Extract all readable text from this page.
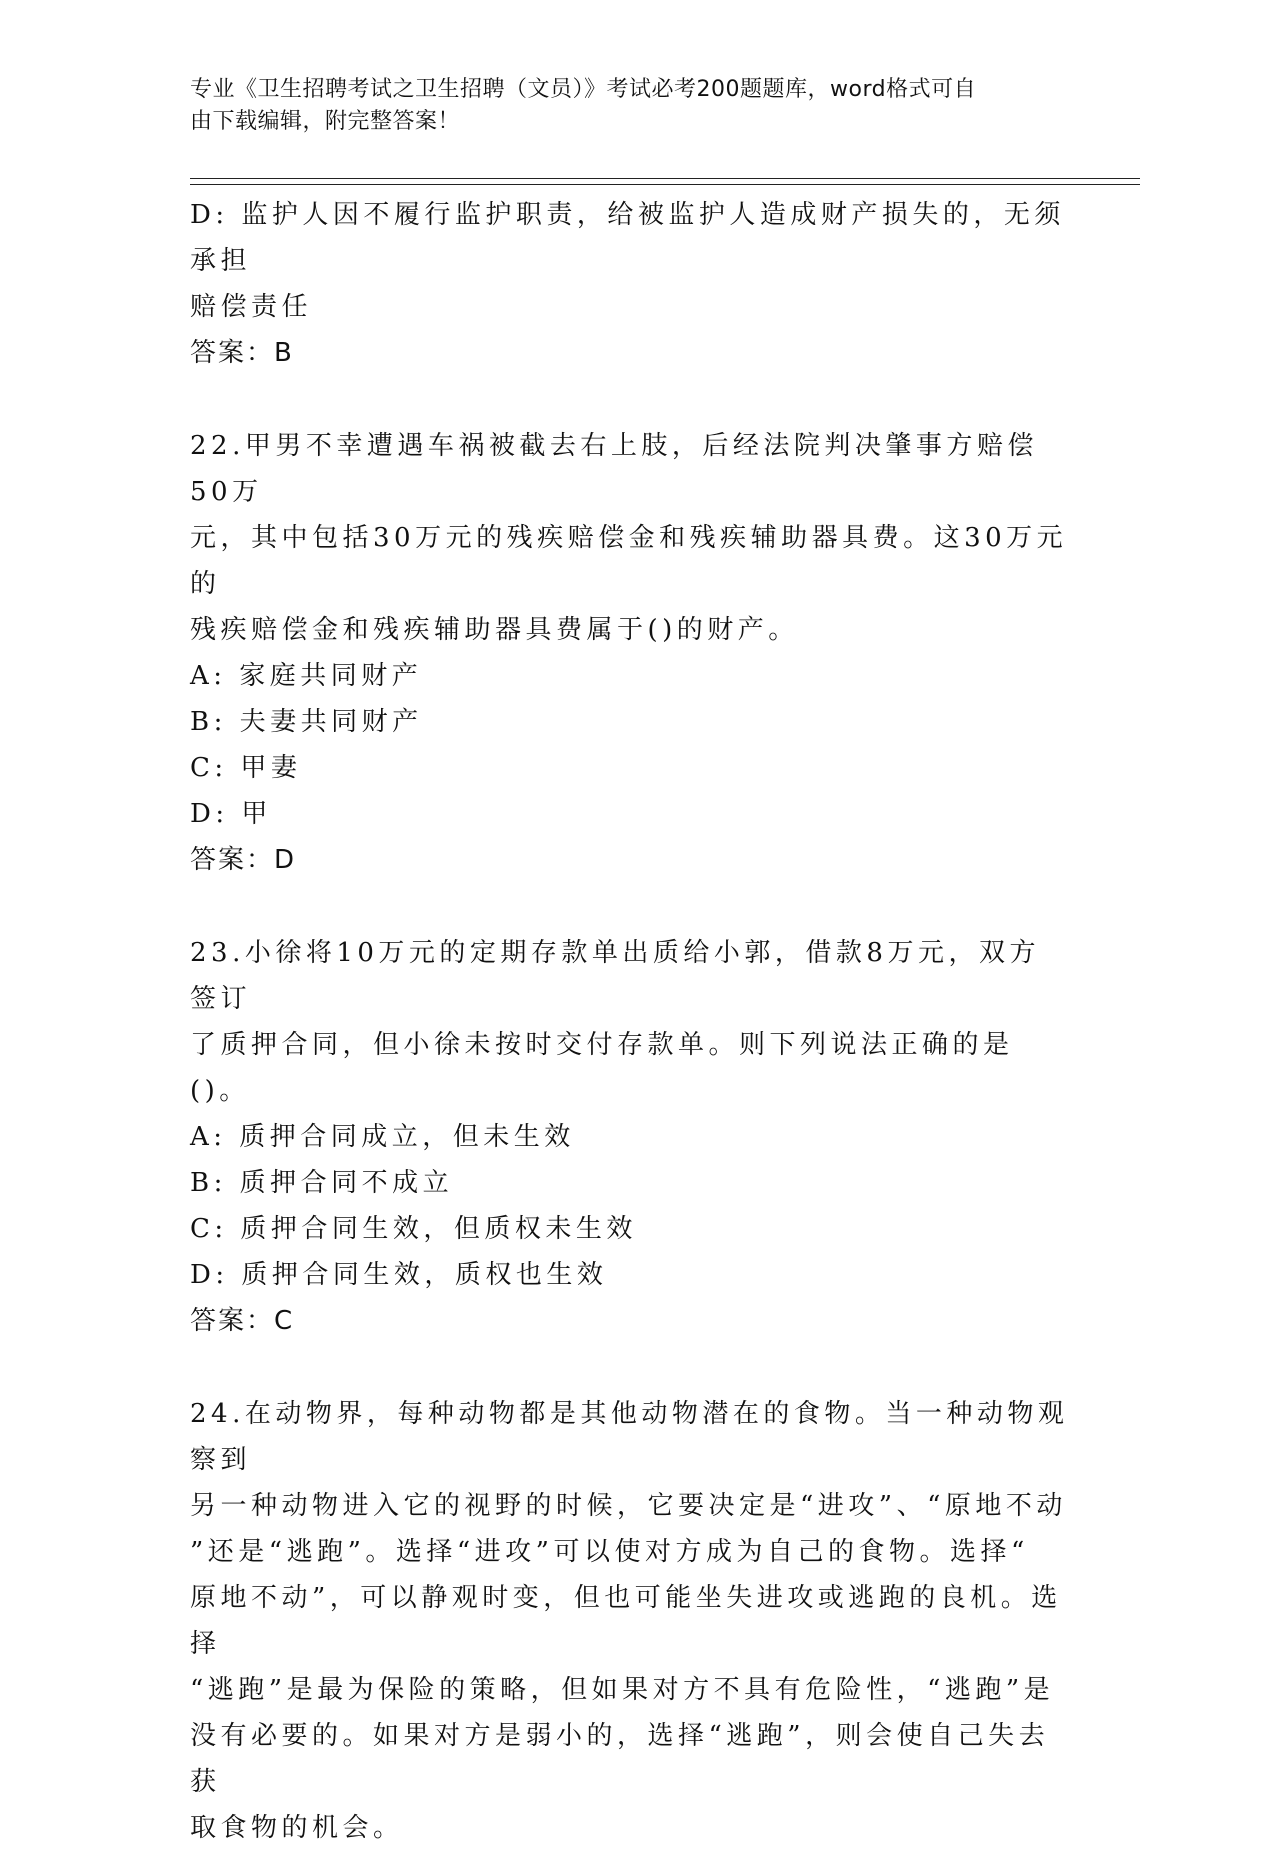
专业《卫生招聘考试之卫生招聘（文员）》考试必考200题题库，word格式可自
由下载编辑，附完整答案！

D: 监护人因不履行监护职责，给被监护人造成财产损失的，无须承担

赔偿责任

答案：B

22.甲男不幸遭遇车祸被截去右上肢，后经法院判决肇事方赔偿50万

元，其中包括30万元的残疾赔偿金和残疾辅助器具费。这30万元的

残疾赔偿金和残疾辅助器具费属于()的财产。

A: 家庭共同财产

B: 夫妻共同财产

C: 甲妻

D: 甲

答案：D

23.小徐将10万元的定期存款单出质给小郭，借款8万元，双方签订

了质押合同，但小徐未按时交付存款单。则下列说法正确的是()。

A: 质押合同成立，但未生效

B: 质押合同不成立

C: 质押合同生效，但质权未生效

D: 质押合同生效，质权也生效

答案：C

24.在动物界，每种动物都是其他动物潜在的食物。当一种动物观察到

另一种动物进入它的视野的时候，它要决定是“进攻”、“原地不动

”还是“逃跑”。选择“进攻”可以使对方成为自己的食物。选择“

原地不动”，可以静观时变，但也可能坐失进攻或逃跑的良机。选择

“逃跑”是最为保险的策略，但如果对方不具有危险性，“逃跑”是

没有必要的。如果对方是弱小的，选择“逃跑”，则会使自己失去获

取食物的机会。
